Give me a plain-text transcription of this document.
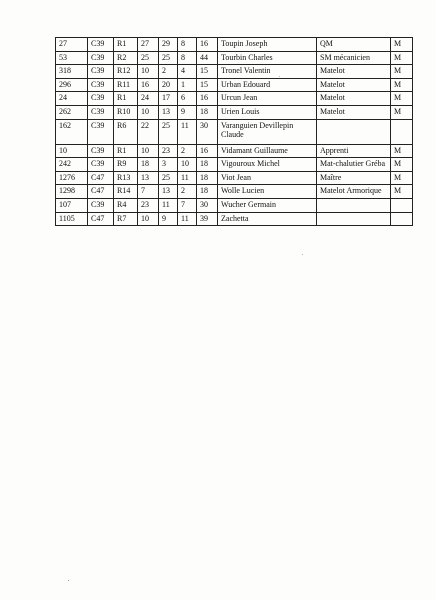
27	C39	R1	27	29	8	16	Toupin Joseph	QM	M
53	C39	R2	25	25	8	44	Tourbin Charles	SM mécanicien	M
318	C39	R12	10	2	4	15	Tronel Valentin	Matelot	M
296	C39	R11	16	20	1	15	Urban Edouard	Matelot	M
24	C39	R1	24	17	6	16	Urcun Jean	Matelot	M
262	C39	R10	10	13	9	18	Urien Louis	Matelot	M
162	C39	R6	22	25	11	30	Varanguien Devillepin Claude		
10	C39	R1	10	23	2	16	Vidamant Guillaume	Apprenti	M
242	C39	R9	18	3	10	18	Vigouroux Michel	Mat-chalutier Gréba	M
1276	C47	R13	13	25	11	18	Viot Jean	Maître	M
1298	C47	R14	7	13	2	18	Wolle Lucien	Matelot Armorique	M
107	C39	R4	23	11	7	30	Wucher Germain		
1105	C47	R7	10	9	11	39	Zachetta		
